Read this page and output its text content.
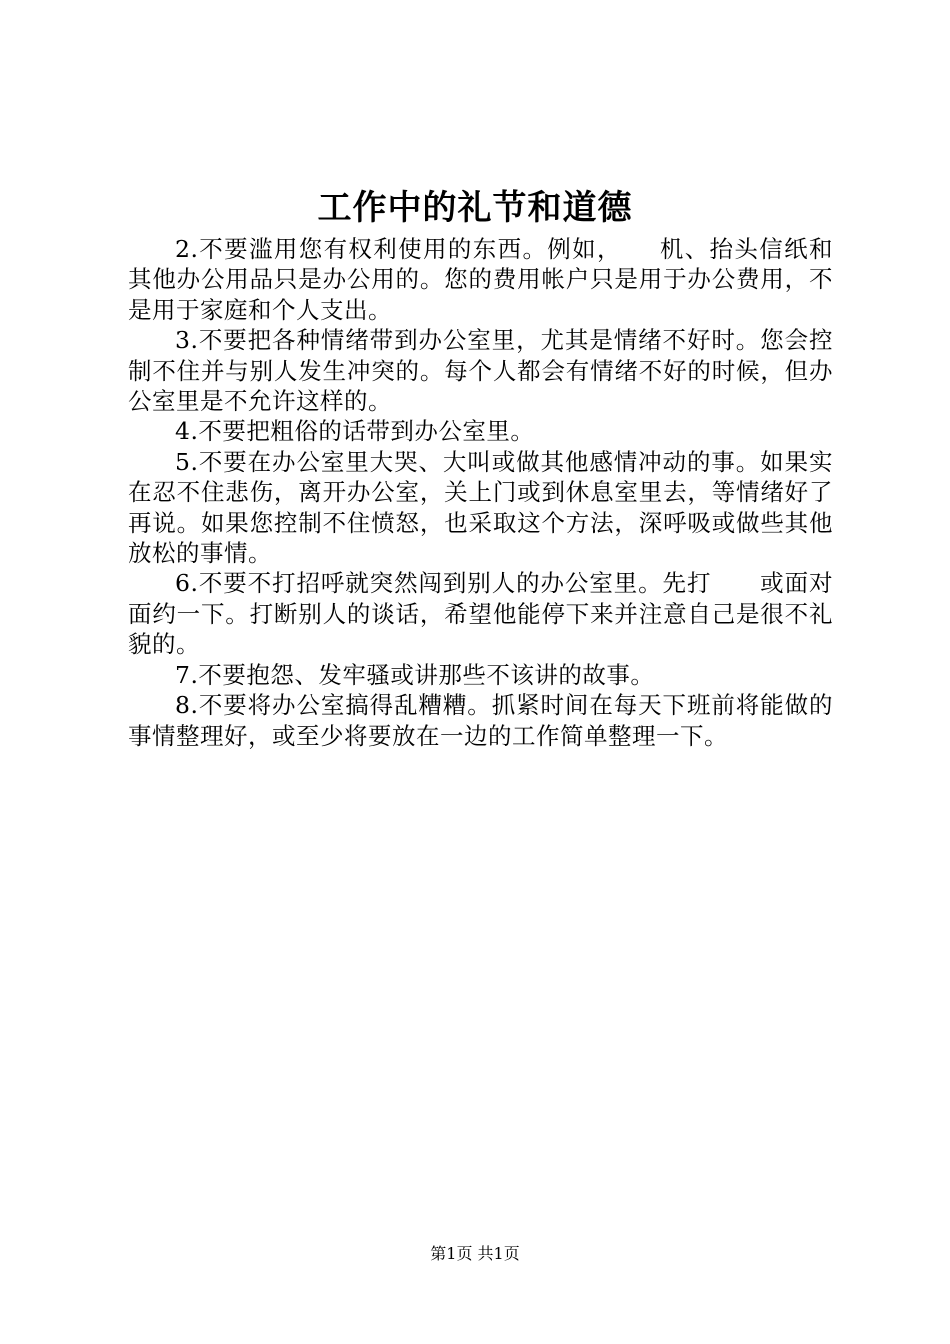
工作中的礼节和道德

2.不要滥用您有权利使用的东西。例如，　　机、抬头信纸和其他办公用品只是办公用的。您的费用帐户只是用于办公费用，不是用于家庭和个人支出。

3.不要把各种情绪带到办公室里，尤其是情绪不好时。您会控制不住并与别人发生冲突的。每个人都会有情绪不好的时候，但办公室里是不允许这样的。

4.不要把粗俗的话带到办公室里。

5.不要在办公室里大哭、大叫或做其他感情冲动的事。如果实在忍不住悲伤，离开办公室，关上门或到休息室里去，等情绪好了再说。如果您控制不住愤怒，也采取这个方法，深呼吸或做些其他放松的事情。

6.不要不打招呼就突然闯到别人的办公室里。先打　　或面对面约一下。打断别人的谈话，希望他能停下来并注意自己是很不礼貌的。

7.不要抱怨、发牢骚或讲那些不该讲的故事。

8.不要将办公室搞得乱糟糟。抓紧时间在每天下班前将能做的事情整理好，或至少将要放在一边的工作简单整理一下。

第1页 共1页
